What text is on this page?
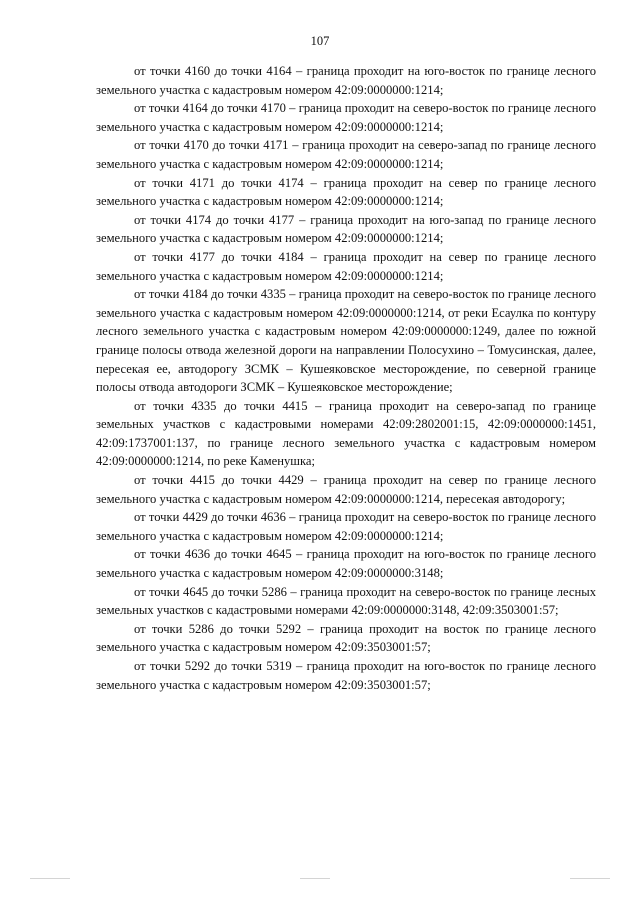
107

от точки 4160 до точки 4164 – граница проходит на юго-восток по границе лесного земельного участка с кадастровым номером 42:09:0000000:1214;

от точки 4164 до точки 4170 – граница проходит на северо-восток по границе лесного земельного участка с кадастровым номером 42:09:0000000:1214;

от точки 4170 до точки 4171 – граница проходит на северо-запад по границе лесного земельного участка с кадастровым номером 42:09:0000000:1214;

от точки 4171 до точки 4174 – граница проходит на север по границе лесного земельного участка с кадастровым номером 42:09:0000000:1214;

от точки 4174 до точки 4177 – граница проходит на юго-запад по границе лесного земельного участка с кадастровым номером 42:09:0000000:1214;

от точки 4177 до точки 4184 – граница проходит на север по границе лесного земельного участка с кадастровым номером 42:09:0000000:1214;

от точки 4184 до точки 4335 – граница проходит на северо-восток по границе лесного земельного участка с кадастровым номером 42:09:0000000:1214, от реки Есаулка по контуру лесного земельного участка с кадастровым номером 42:09:0000000:1249, далее по южной границе полосы отвода железной дороги на направлении Полосухино – Томусинская, далее, пересекая ее, автодорогу ЗСМК – Кушеяковское месторождение, по северной границе полосы отвода автодороги ЗСМК – Кушеяковское месторождение;

от точки 4335 до точки 4415 – граница проходит на северо-запад по границе земельных участков с кадастровыми номерами 42:09:2802001:15, 42:09:0000000:1451, 42:09:1737001:137, по границе лесного земельного участка с кадастровым номером 42:09:0000000:1214, по реке Каменушка;

от точки 4415 до точки 4429 – граница проходит на север по границе лесного земельного участка с кадастровым номером 42:09:0000000:1214, пересекая автодорогу;

от точки 4429 до точки 4636 – граница проходит на северо-восток по границе лесного земельного участка с кадастровым номером 42:09:0000000:1214;

от точки 4636 до точки 4645 – граница проходит на юго-восток по границе лесного земельного участка с кадастровым номером 42:09:0000000:3148;

от точки 4645 до точки 5286 – граница проходит на северо-восток по границе лесных земельных участков с кадастровыми номерами 42:09:0000000:3148, 42:09:3503001:57;

от точки 5286 до точки 5292 – граница проходит на восток по границе лесного земельного участка с кадастровым номером 42:09:3503001:57;

от точки 5292 до точки 5319 – граница проходит на юго-восток по границе лесного земельного участка с кадастровым номером 42:09:3503001:57;
